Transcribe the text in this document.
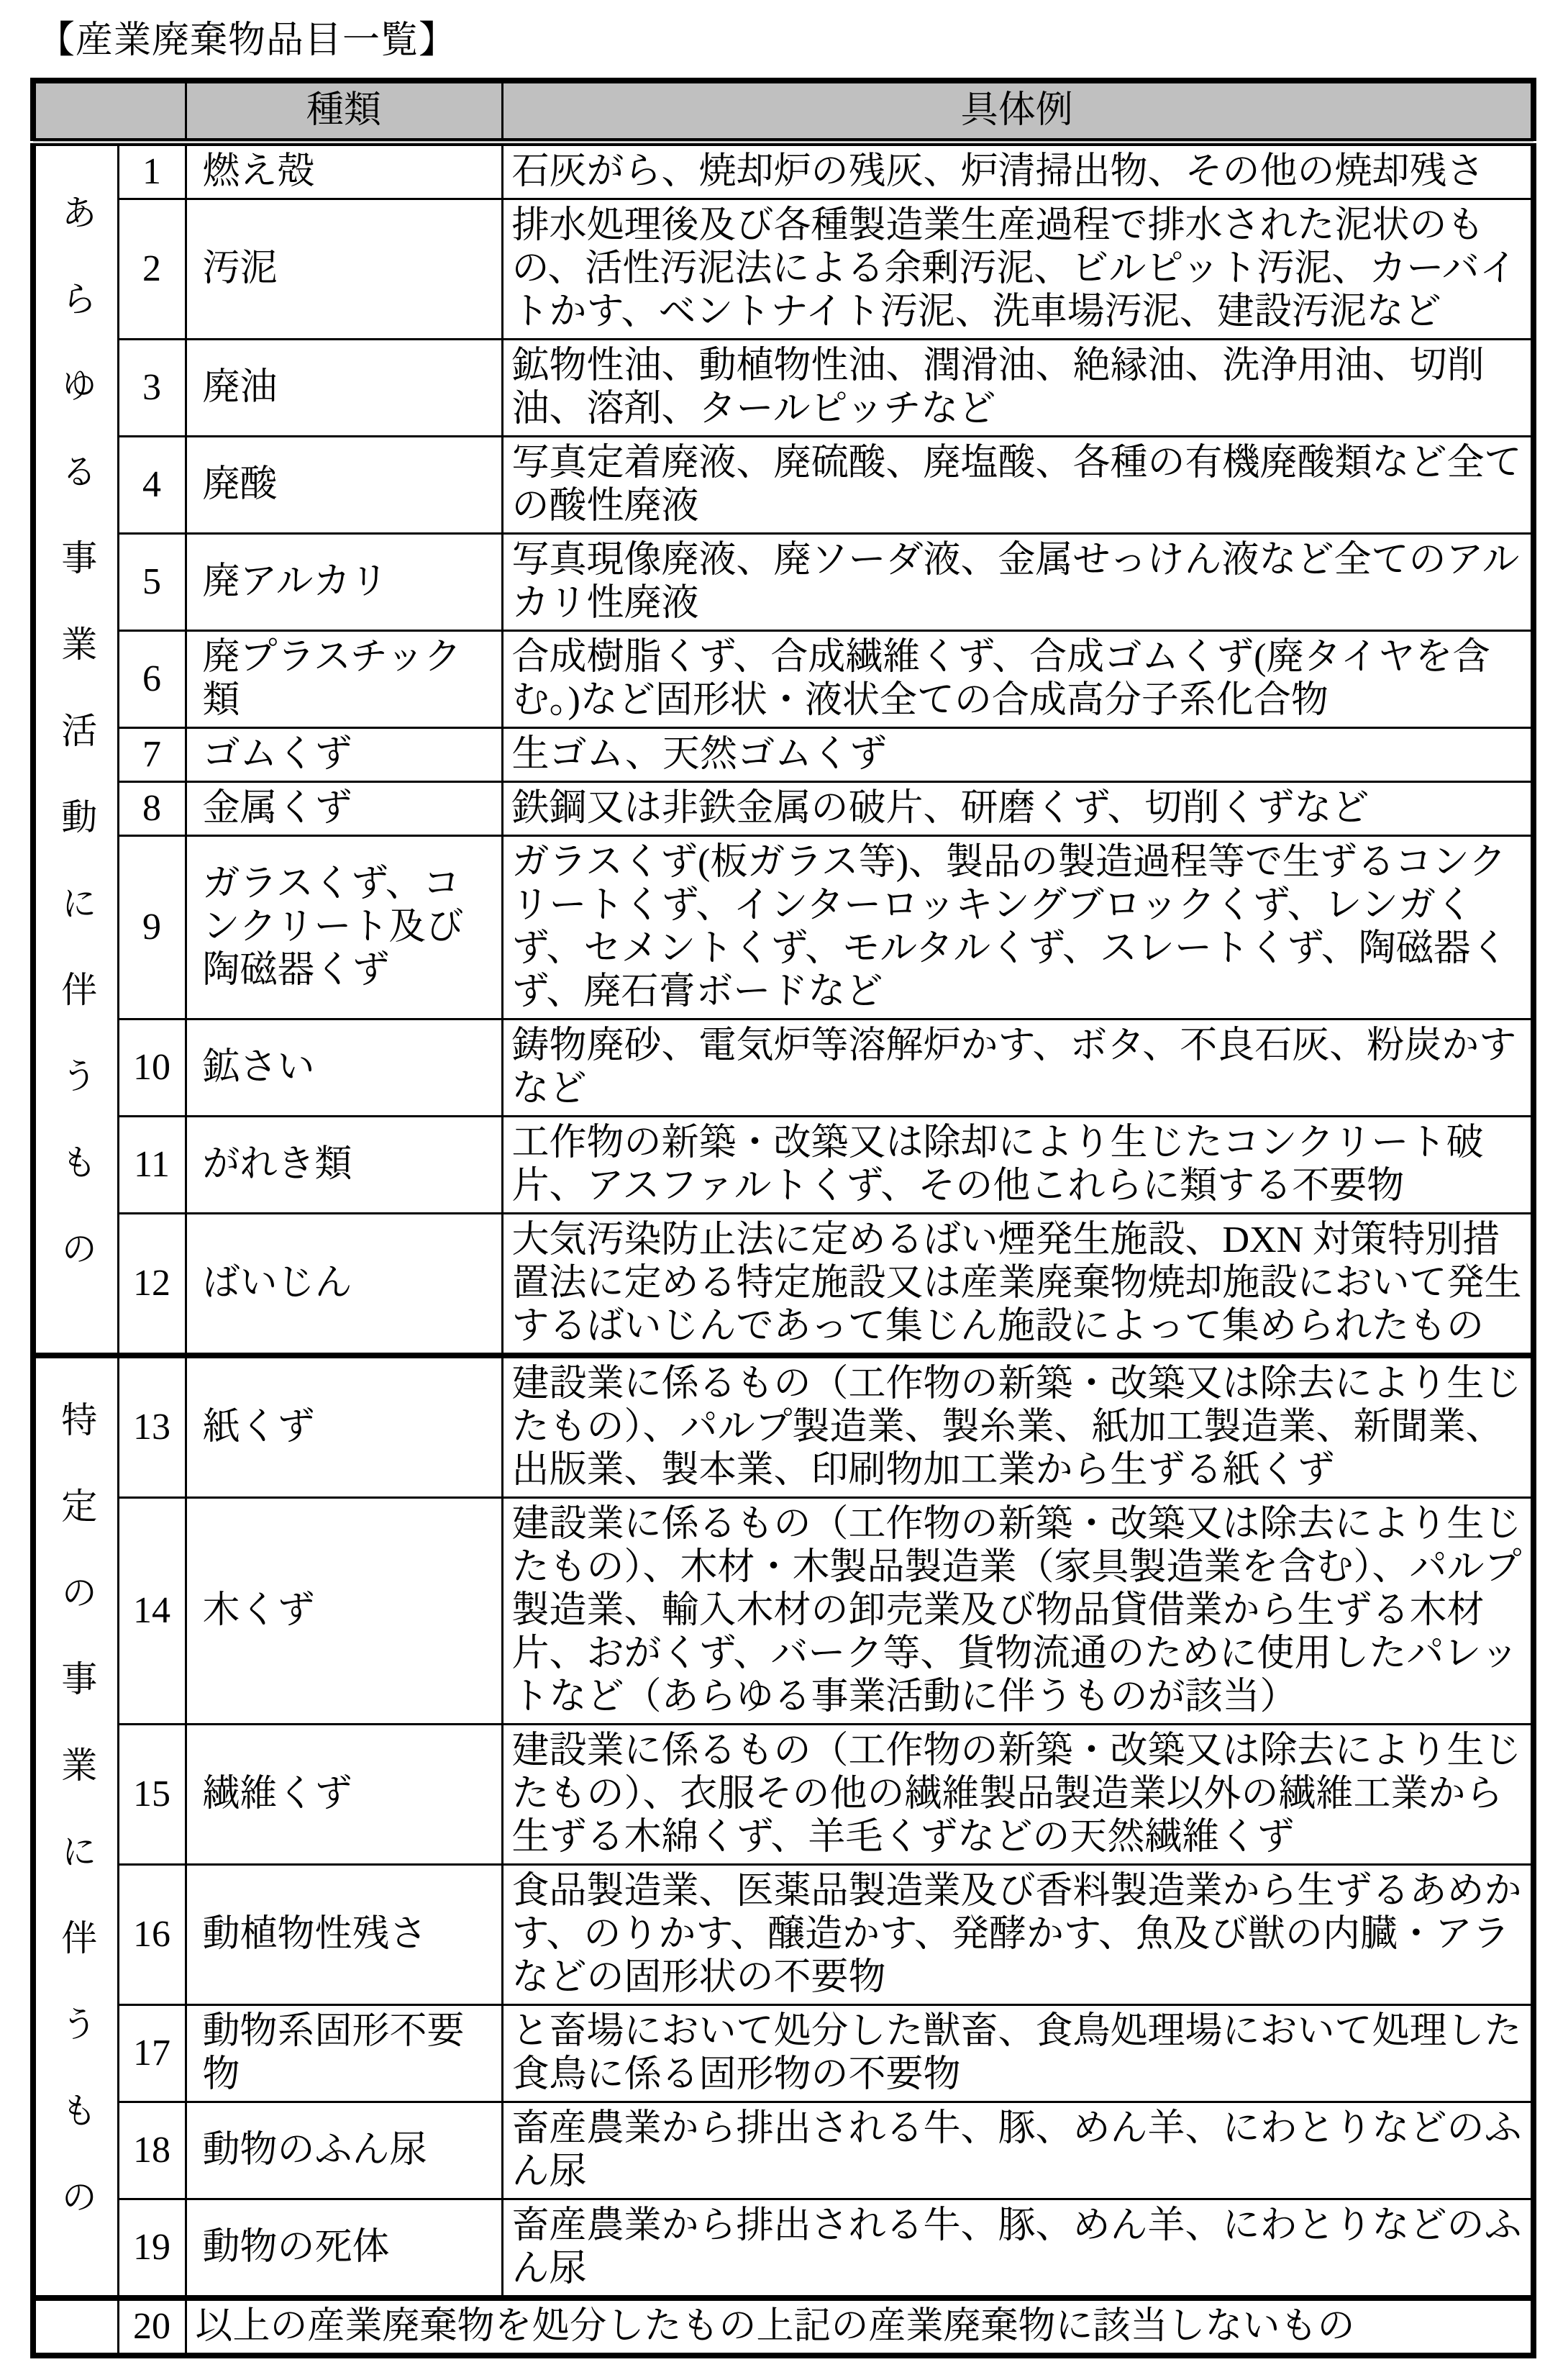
【産業廃棄物品目一覧】
		種類	具体例
あらゆる事業活動に伴うもの	1	燃え殻	石灰がら、焼却炉の残灰、炉清掃出物、その他の焼却残さ
	2	汚泥	排水処理後及び各種製造業生産過程で排水された泥状のもの、活性汚泥法による余剰汚泥、ビルピット汚泥、カーバイトかす、ベントナイト汚泥、洗車場汚泥、建設汚泥など
	3	廃油	鉱物性油、動植物性油、潤滑油、絶縁油、洗浄用油、切削油、溶剤、タールピッチなど
	4	廃酸	写真定着廃液、廃硫酸、廃塩酸、各種の有機廃酸類など全ての酸性廃液
	5	廃アルカリ	写真現像廃液、廃ソーダ液、金属せっけん液など全てのアルカリ性廃液
	6	廃プラスチック類	合成樹脂くず、合成繊維くず、合成ゴムくず(廃タイヤを含む。)など固形状・液状全ての合成高分子系化合物
	7	ゴムくず	生ゴム、天然ゴムくず
	8	金属くず	鉄鋼又は非鉄金属の破片、研磨くず、切削くずなど
	9	ガラスくず、コンクリート及び陶磁器くず	ガラスくず(板ガラス等)、製品の製造過程等で生ずるコンクリートくず、インターロッキングブロックくず、レンガくず、セメントくず、モルタルくず、スレートくず、陶磁器くず、廃石膏ボードなど
	10	鉱さい	鋳物廃砂、電気炉等溶解炉かす、ボタ、不良石灰、粉炭かすなど
	11	がれき類	工作物の新築・改築又は除却により生じたコンクリート破片、アスファルトくず、その他これらに類する不要物
	12	ばいじん	大気汚染防止法に定めるばい煙発生施設、DXN 対策特別措置法に定める特定施設又は産業廃棄物焼却施設において発生するばいじんであって集じん施設によって集められたもの
特定の事業に伴うもの	13	紙くず	建設業に係るもの（工作物の新築・改築又は除去により生じたもの）、パルプ製造業、製糸業、紙加工製造業、新聞業、出版業、製本業、印刷物加工業から生ずる紙くず
	14	木くず	建設業に係るもの（工作物の新築・改築又は除去により生じたもの）、木材・木製品製造業（家具製造業を含む）、パルプ製造業、輸入木材の卸売業及び物品貸借業から生ずる木材片、おがくず、バーク等、貨物流通のために使用したパレットなど（あらゆる事業活動に伴うものが該当）
	15	繊維くず	建設業に係るもの（工作物の新築・改築又は除去により生じたもの）、衣服その他の繊維製品製造業以外の繊維工業から生ずる木綿くず、羊毛くずなどの天然繊維くず
	16	動植物性残さ	食品製造業、医薬品製造業及び香料製造業から生ずるあめかす、のりかす、醸造かす、発酵かす、魚及び獣の内臓・アラなどの固形状の不要物
	17	動物系固形不要物	と畜場において処分した獣畜、食鳥処理場において処理した食鳥に係る固形物の不要物
	18	動物のふん尿	畜産農業から排出される牛、豚、めん羊、にわとりなどのふん尿
	19	動物の死体	畜産農業から排出される牛、豚、めん羊、にわとりなどのふん尿
	20	以上の産業廃棄物を処分したもの上記の産業廃棄物に該当しないもの	
